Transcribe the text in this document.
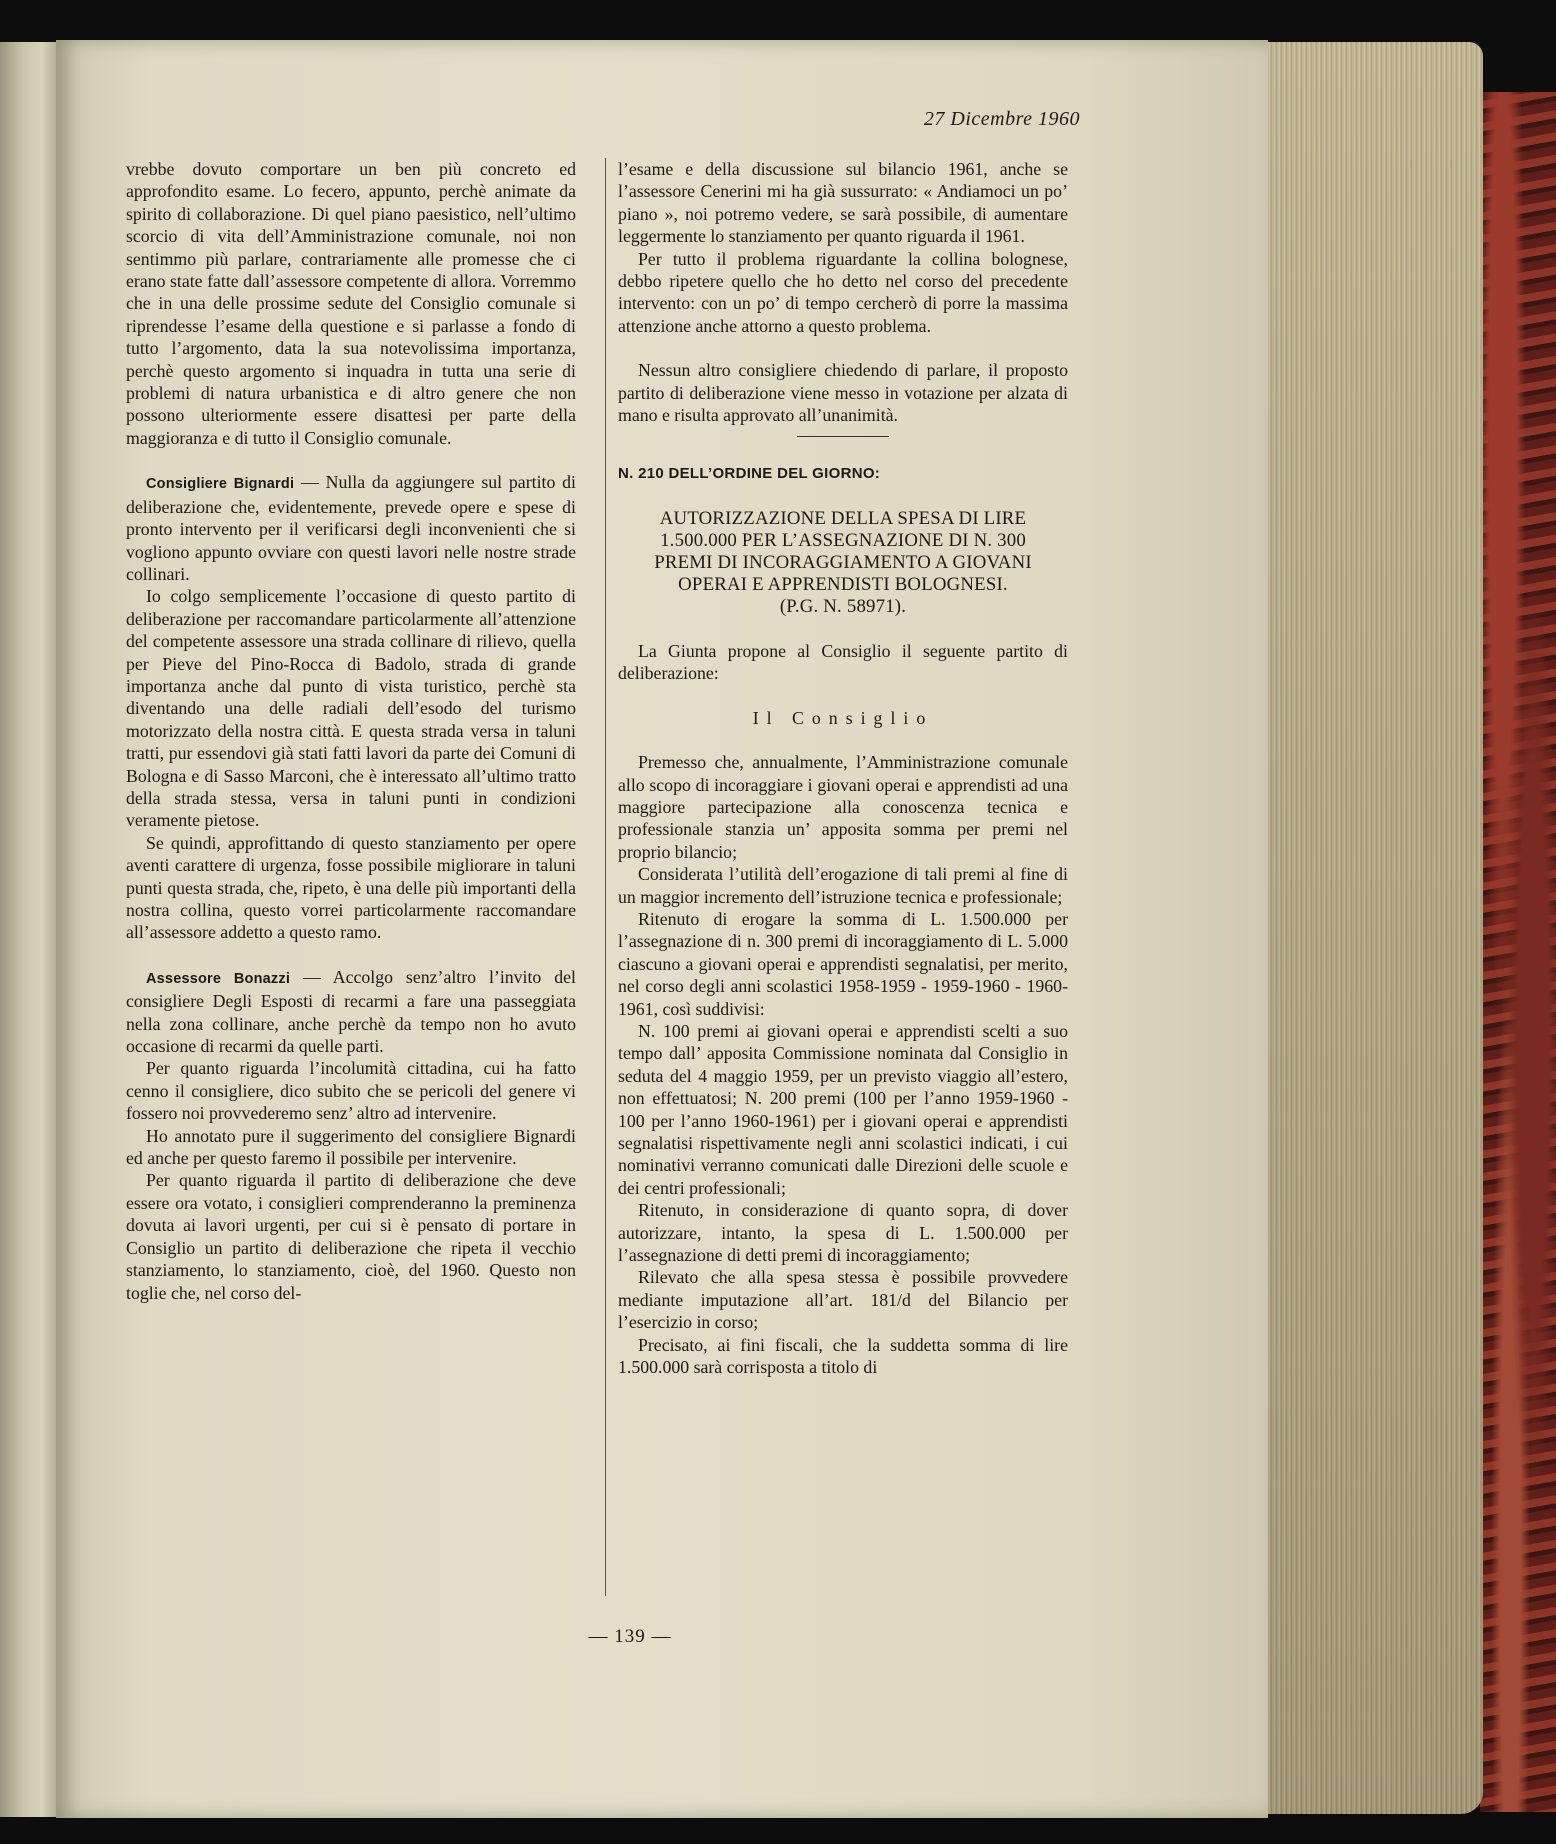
27 Dicembre 1960

vrebbe dovuto comportare un ben più concreto ed approfondito esame. Lo fecero, appunto, perchè animate da spirito di collaborazione. Di quel piano paesistico, nell’ultimo scorcio di vita dell’Amministrazione comunale, noi non sentimmo più parlare, contrariamente alle promesse che ci erano state fatte dall’assessore competente di allora. Vorremmo che in una delle prossime sedute del Consiglio comunale si riprendesse l’esame della questione e si parlasse a fondo di tutto l’argomento, data la sua notevolissima importanza, perchè questo argomento si inquadra in tutta una serie di problemi di natura urbanistica e di altro genere che non possono ulteriormente essere disattesi per parte della maggioranza e di tutto il Consiglio comunale.

Consigliere Bignardi — Nulla da aggiungere sul partito di deliberazione che, evidentemente, prevede opere e spese di pronto intervento per il verificarsi degli inconvenienti che si vogliono appunto ovviare con questi lavori nelle nostre strade collinari.

Io colgo semplicemente l’occasione di questo partito di deliberazione per raccomandare particolarmente all’attenzione del competente assessore una strada collinare di rilievo, quella per Pieve del Pino-Rocca di Badolo, strada di grande importanza anche dal punto di vista turistico, perchè sta diventando una delle radiali dell’esodo del turismo motorizzato della nostra città. E questa strada versa in taluni tratti, pur essendovi già stati fatti lavori da parte dei Comuni di Bologna e di Sasso Marconi, che è interessato all’ultimo tratto della strada stessa, versa in taluni punti in condizioni veramente pietose.

Se quindi, approfittando di questo stanziamento per opere aventi carattere di urgenza, fosse possibile migliorare in taluni punti questa strada, che, ripeto, è una delle più importanti della nostra collina, questo vorrei particolarmente raccomandare all’assessore addetto a questo ramo.

Assessore Bonazzi — Accolgo senz’altro l’invito del consigliere Degli Esposti di recarmi a fare una passeggiata nella zona collinare, anche perchè da tempo non ho avuto occasione di recarmi da quelle parti.

Per quanto riguarda l’incolumità cittadina, cui ha fatto cenno il consigliere, dico subito che se pericoli del genere vi fossero noi provvederemo senz’ altro ad intervenire.

Ho annotato pure il suggerimento del consigliere Bignardi ed anche per questo faremo il possibile per intervenire.

Per quanto riguarda il partito di deliberazione che deve essere ora votato, i consiglieri comprenderanno la preminenza dovuta ai lavori urgenti, per cui si è pensato di portare in Consiglio un partito di deliberazione che ripeta il vecchio stanziamento, lo stanziamento, cioè, del 1960. Questo non toglie che, nel corso del-

l’esame e della discussione sul bilancio 1961, anche se l’assessore Cenerini mi ha già sussurrato: « Andiamoci un po’ piano », noi potremo vedere, se sarà possibile, di aumentare leggermente lo stanziamento per quanto riguarda il 1961.

Per tutto il problema riguardante la collina bolognese, debbo ripetere quello che ho detto nel corso del precedente intervento: con un po’ di tempo cercherò di porre la massima attenzione anche attorno a questo problema.

Nessun altro consigliere chiedendo di parlare, il proposto partito di deliberazione viene messo in votazione per alzata di mano e risulta approvato all’unanimità.

N. 210 DELL’ORDINE DEL GIORNO:
AUTORIZZAZIONE DELLA SPESA DI LIRE
1.500.000 PER L’ASSEGNAZIONE DI N. 300
PREMI DI INCORAGGIAMENTO A GIOVANI
OPERAI E APPRENDISTI BOLOGNESI.
(P.G. N. 58971).

La Giunta propone al Consiglio il seguente partito di deliberazione:

Il Consiglio

Premesso che, annualmente, l’Amministrazione comunale allo scopo di incoraggiare i giovani operai e apprendisti ad una maggiore partecipazione alla conoscenza tecnica e professionale stanzia un’ apposita somma per premi nel proprio bilancio;

Considerata l’utilità dell’erogazione di tali premi al fine di un maggior incremento dell’istruzione tecnica e professionale;

Ritenuto di erogare la somma di L. 1.500.000 per l’assegnazione di n. 300 premi di incoraggiamento di L. 5.000 ciascuno a giovani operai e apprendisti segnalatisi, per merito, nel corso degli anni scolastici 1958-1959 - 1959-1960 - 1960-1961, così suddivisi:

N. 100 premi ai giovani operai e apprendisti scelti a suo tempo dall’ apposita Commissione nominata dal Consiglio in seduta del 4 maggio 1959, per un previsto viaggio all’estero, non effettuatosi; N. 200 premi (100 per l’anno 1959-1960 - 100 per l’anno 1960-1961) per i giovani operai e apprendisti segnalatisi rispettivamente negli anni scolastici indicati, i cui nominativi verranno comunicati dalle Direzioni delle scuole e dei centri professionali;

Ritenuto, in considerazione di quanto sopra, di dover autorizzare, intanto, la spesa di L. 1.500.000 per l’assegnazione di detti premi di incoraggiamento;

Rilevato che alla spesa stessa è possibile provvedere mediante imputazione all’art. 181/d del Bilancio per l’esercizio in corso;

Precisato, ai fini fiscali, che la suddetta somma di lire 1.500.000 sarà corrisposta a titolo di

— 139 —
